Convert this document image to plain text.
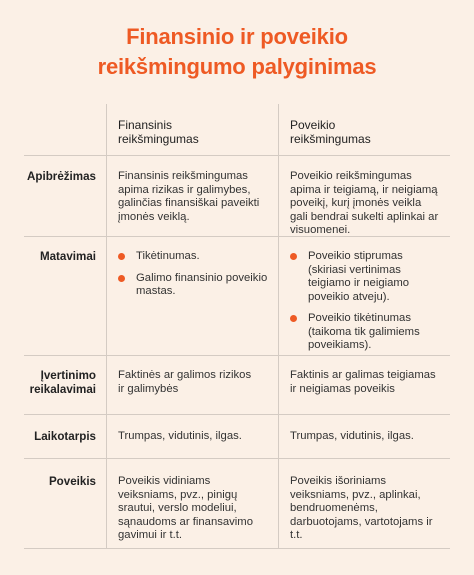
Finansinio ir poveikio
reikšmingumo palyginimas
Finansinis reikšmingumas
Poveikio reikšmingumas
Apibrėžimas Finansinis reikšmingumas apima rizikas ir galimybes, galinčias finansiškai paveikti įmonės veiklą.
Poveikio reikšmingumas apima ir teigiamą, ir neigiamą poveikį, kurį įmonės veikla gali bendrai sukelti aplinkai ar visuomenei.
Matavimai	Tikėtinumas.
Galimo finansinio poveikio mastas.
Poveikio stiprumas (skiriasi vertinimas teigiamo ir neigiamo poveikio atveju).
Poveikio tikėtinumas (taikoma tik galimiems poveikiams).
Įvertinimo reikalavimai
Faktinės ar galimos rizikos ir galimybės
Faktinis ar galimas teigiamas ir neigiamas poveikis
Laikotarpis Trumpas, vidutinis, ilgas.	Trumpas, vidutinis, ilgas.
Poveikis Poveikis vidiniams veiksniams, pvz., pinigų srautui, verslo modeliui, sąnaudoms ar finansavimo gavimui ir t.t.
Poveikis išoriniams veiksniams, pvz., aplinkai, bendruomenėms, darbuotojams, vartotojams ir t.t.
